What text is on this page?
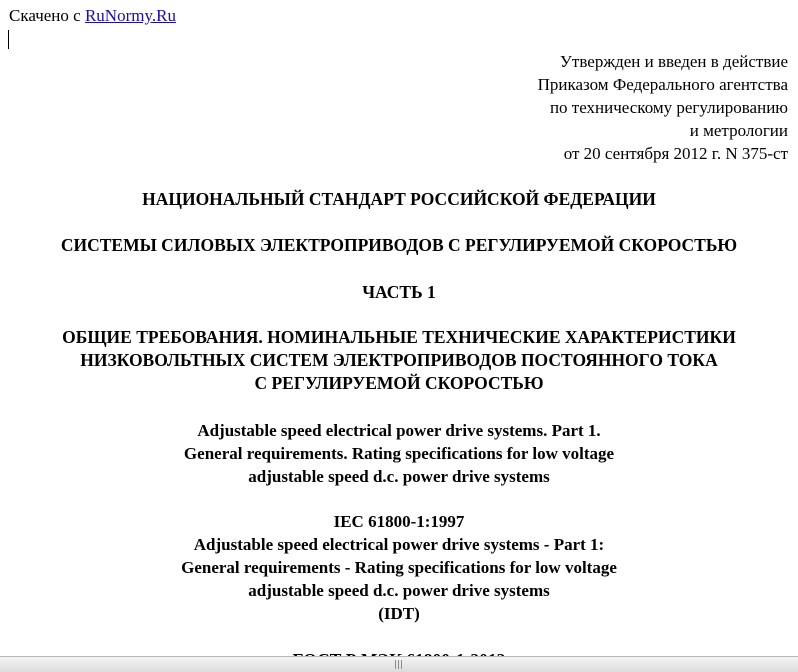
Скачено с RuNormy.Ru
Утвержден и введен в действие
Приказом Федерального агентства
по техническому регулированию
и метрологии
от 20 сентября 2012 г. N 375-ст
НАЦИОНАЛЬНЫЙ СТАНДАРТ РОССИЙСКОЙ ФЕДЕРАЦИИ
СИСТЕМЫ СИЛОВЫХ ЭЛЕКТРОПРИВОДОВ С РЕГУЛИРУЕМОЙ СКОРОСТЬЮ
ЧАСТЬ 1
ОБЩИЕ ТРЕБОВАНИЯ. НОМИНАЛЬНЫЕ ТЕХНИЧЕСКИЕ ХАРАКТЕРИСТИКИ
НИЗКОВОЛЬТНЫХ СИСТЕМ ЭЛЕКТРОПРИВОДОВ ПОСТОЯННОГО ТОКА
С РЕГУЛИРУЕМОЙ СКОРОСТЬЮ
Adjustable speed electrical power drive systems. Part 1.
General requirements. Rating specifications for low voltage
adjustable speed d.c. power drive systems
IEC 61800-1:1997
Adjustable speed electrical power drive systems - Part 1:
General requirements - Rating specifications for low voltage
adjustable speed d.c. power drive systems
(IDT)
